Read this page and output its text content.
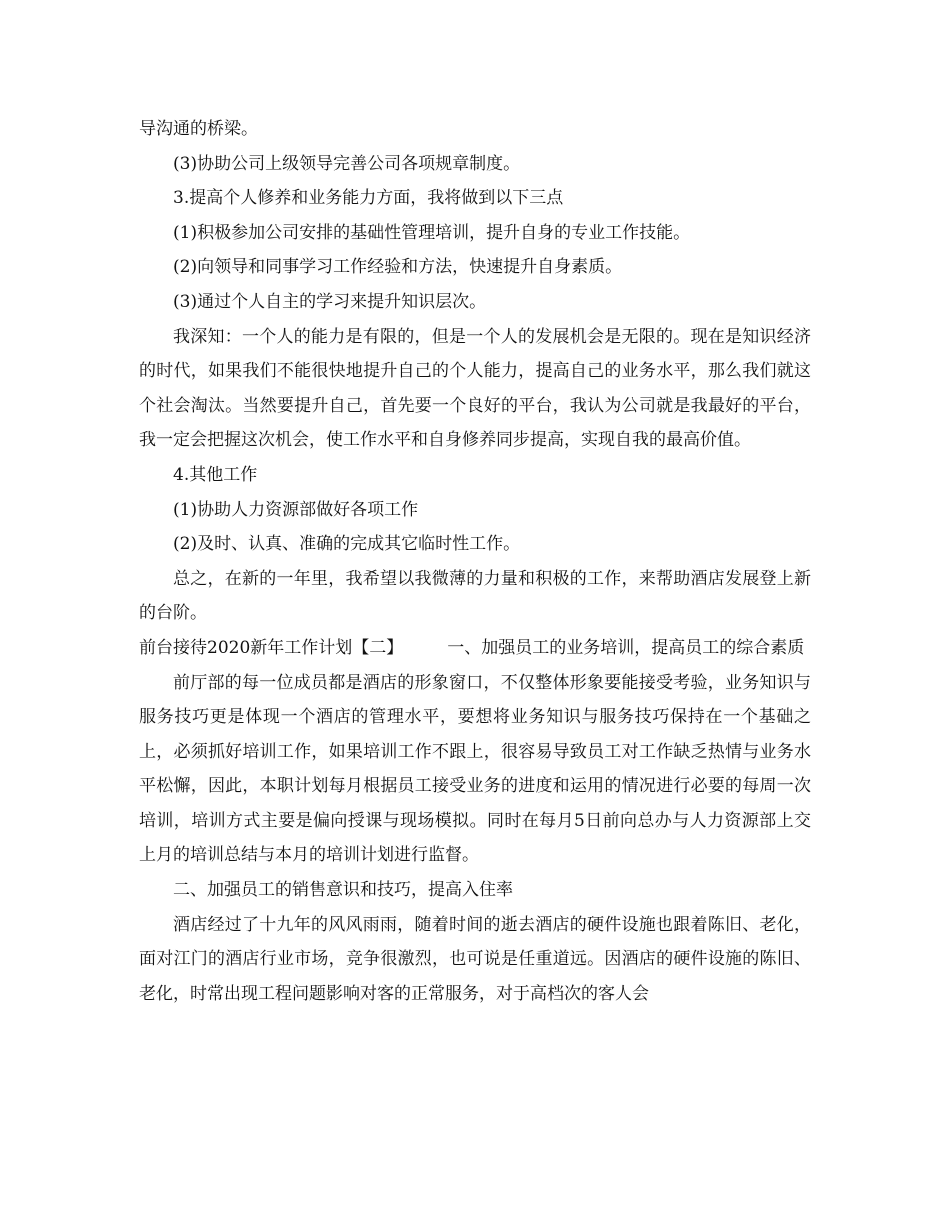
导沟通的桥梁。

(3)协助公司上级领导完善公司各项规章制度。

3.提高个人修养和业务能力方面，我将做到以下三点

(1)积极参加公司安排的基础性管理培训，提升自身的专业工作技能。

(2)向领导和同事学习工作经验和方法，快速提升自身素质。

(3)通过个人自主的学习来提升知识层次。

我深知：一个人的能力是有限的，但是一个人的发展机会是无限的。现在是知识经济的时代，如果我们不能很快地提升自己的个人能力，提高自己的业务水平，那么我们就这个社会淘汰。当然要提升自己，首先要一个良好的平台，我认为公司就是我最好的平台，我一定会把握这次机会，使工作水平和自身修养同步提高，实现自我的最高价值。

4.其他工作

(1)协助人力资源部做好各项工作

(2)及时、认真、准确的完成其它临时性工作。

总之，在新的一年里，我希望以我微薄的力量和积极的工作，来帮助酒店发展登上新的台阶。

前台接待2020新年工作计划【二】	一、加强员工的业务培训，提高员工的综合素质

前厅部的每一位成员都是酒店的形象窗口，不仅整体形象要能接受考验，业务知识与服务技巧更是体现一个酒店的管理水平，要想将业务知识与服务技巧保持在一个基础之上，必须抓好培训工作，如果培训工作不跟上，很容易导致员工对工作缺乏热情与业务水平松懈，因此，本职计划每月根据员工接受业务的进度和运用的情况进行必要的每周一次培训，培训方式主要是偏向授课与现场模拟。同时在每月5日前向总办与人力资源部上交上月的培训总结与本月的培训计划进行监督。

二、加强员工的销售意识和技巧，提高入住率

酒店经过了十九年的风风雨雨，随着时间的逝去酒店的硬件设施也跟着陈旧、老化，面对江门的酒店行业市场，竞争很激烈，也可说是任重道远。因酒店的硬件设施的陈旧、老化，时常出现工程问题影响对客的正常服务，对于高档次的客人会
